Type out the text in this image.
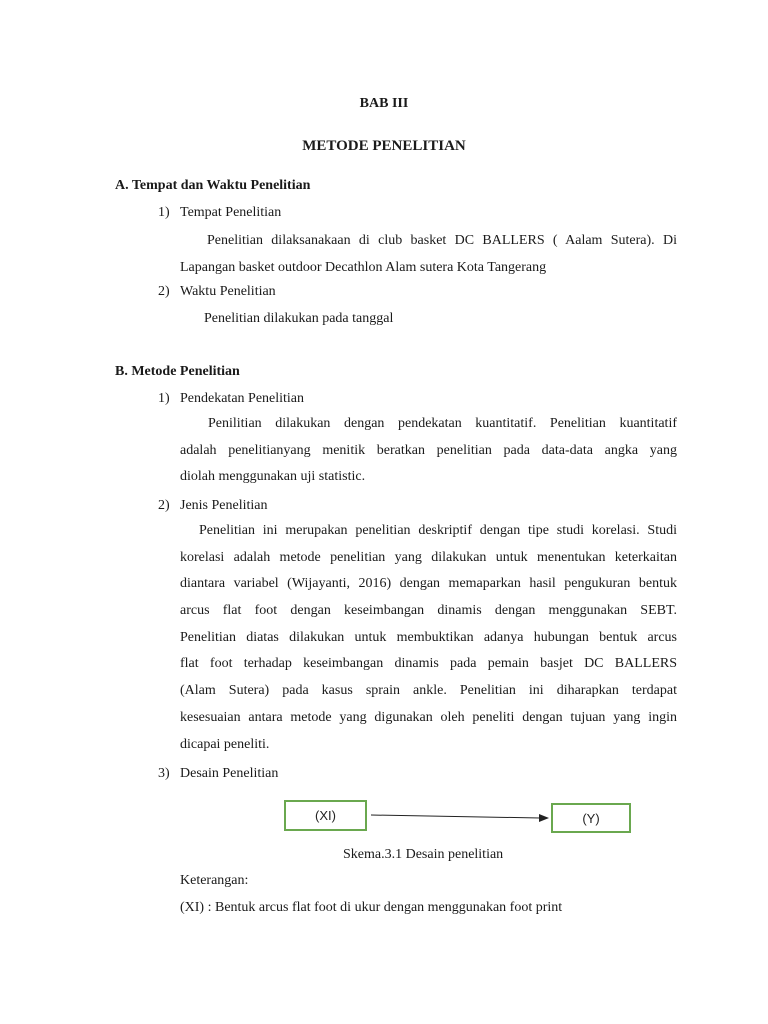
BAB III
METODE PENELITIAN
A. Tempat dan Waktu Penelitian
1) Tempat Penelitian
Penelitian dilaksanakaan di club basket DC BALLERS ( Aalam Sutera). Di
Lapangan basket outdoor Decathlon Alam sutera Kota Tangerang
2) Waktu Penelitian
Penelitian dilakukan pada tanggal
B. Metode Penelitian
1) Pendekatan Penelitian
Penilitian dilakukan dengan pendekatan kuantitatif. Penelitian kuantitatif
adalah penelitianyang menitik beratkan penelitian pada data-data angka yang
diolah menggunakan uji statistic.
2) Jenis Penelitian
Penelitian ini merupakan penelitian deskriptif dengan tipe studi korelasi. Studi
korelasi adalah metode penelitian yang dilakukan untuk menentukan keterkaitan
diantara variabel (Wijayanti, 2016) dengan memaparkan hasil pengukuran bentuk
arcus flat foot dengan keseimbangan dinamis dengan menggunakan SEBT.
Penelitian diatas dilakukan untuk membuktikan adanya hubungan bentuk arcus
flat foot terhadap keseimbangan dinamis pada pemain basjet DC BALLERS
(Alam Sutera) pada kasus sprain ankle. Penelitian ini diharapkan terdapat
kesesuaian antara metode yang digunakan oleh peneliti dengan tujuan yang ingin
dicapai peneliti.
3) Desain Penelitian
(XI)	(Y)
Skema.3.1 Desain penelitian
Keterangan:
(XI) : Bentuk arcus flat foot di ukur dengan menggunakan foot print
